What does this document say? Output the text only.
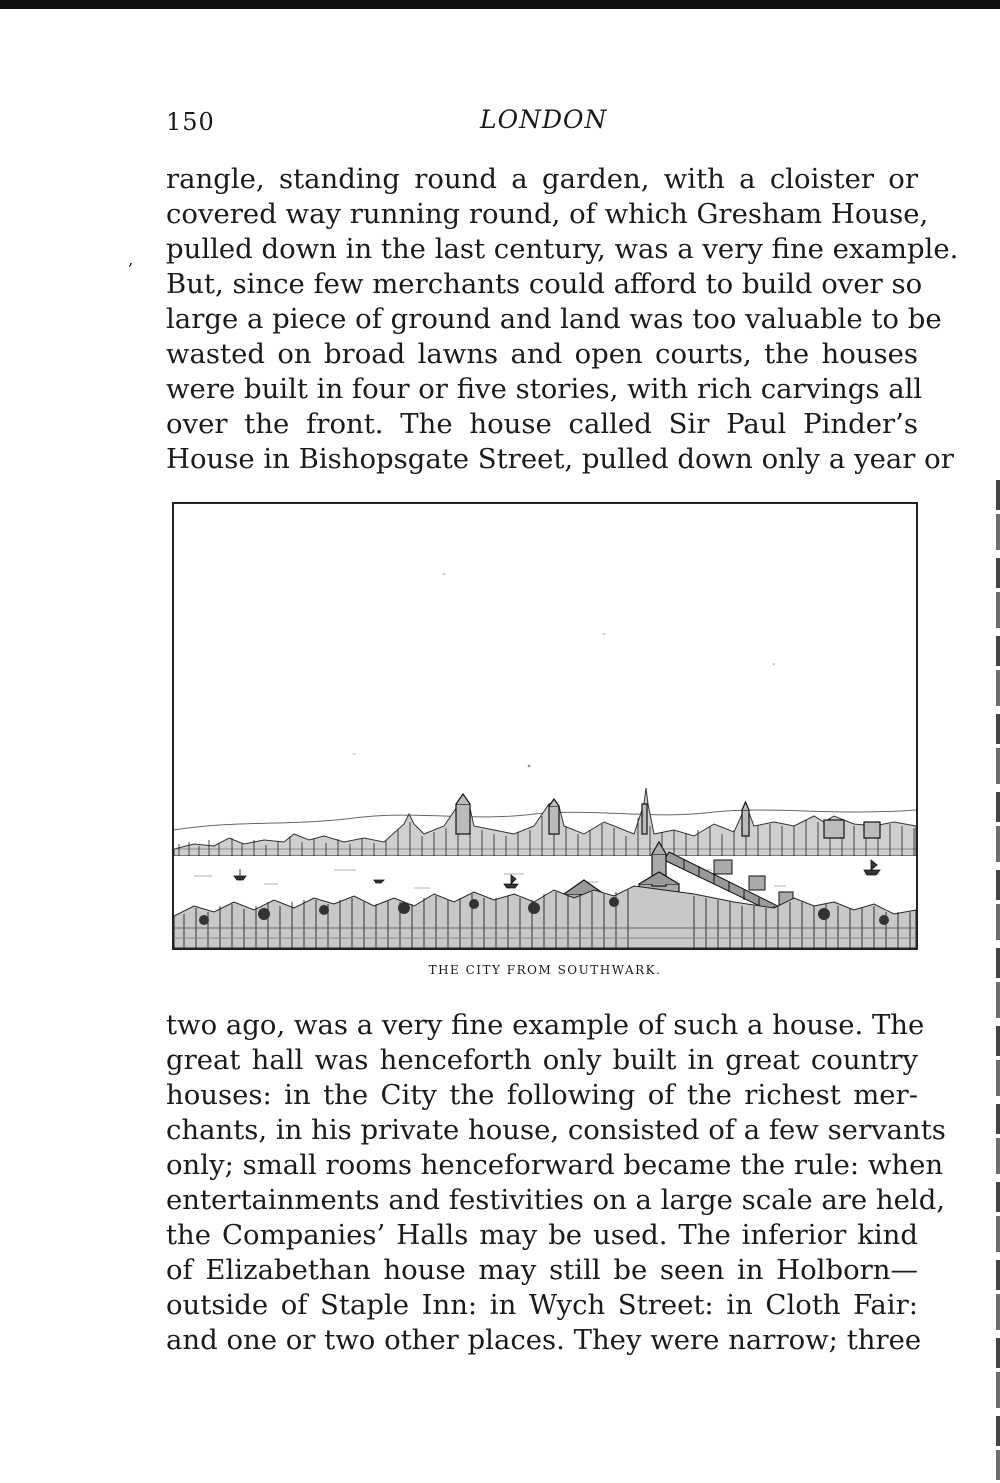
150	LONDON
‚
rangle, standing round a garden, with a cloister or
covered way running round, of which Gresham House,
pulled down in the last century, was a very fine example.
But, since few merchants could afford to build over so
large a piece of ground and land was too valuable to be
wasted on broad lawns and open courts, the houses
were built in four or five stories, with rich carvings all
over the front. The house called Sir Paul Pinder’s
House in Bishopsgate Street, pulled down only a year or
THE CITY FROM SOUTHWARK.
two ago, was a very fine example of such a house. The
great hall was henceforth only built in great country
houses: in the City the following of the richest mer-
chants, in his private house, consisted of a few servants
only; small rooms henceforward became the rule: when
entertainments and festivities on a large scale are held,
the Companies’ Halls may be used. The inferior kind
of Elizabethan house may still be seen in Holborn—
outside of Staple Inn: in Wych Street: in Cloth Fair:
and one or two other places. They were narrow; three
